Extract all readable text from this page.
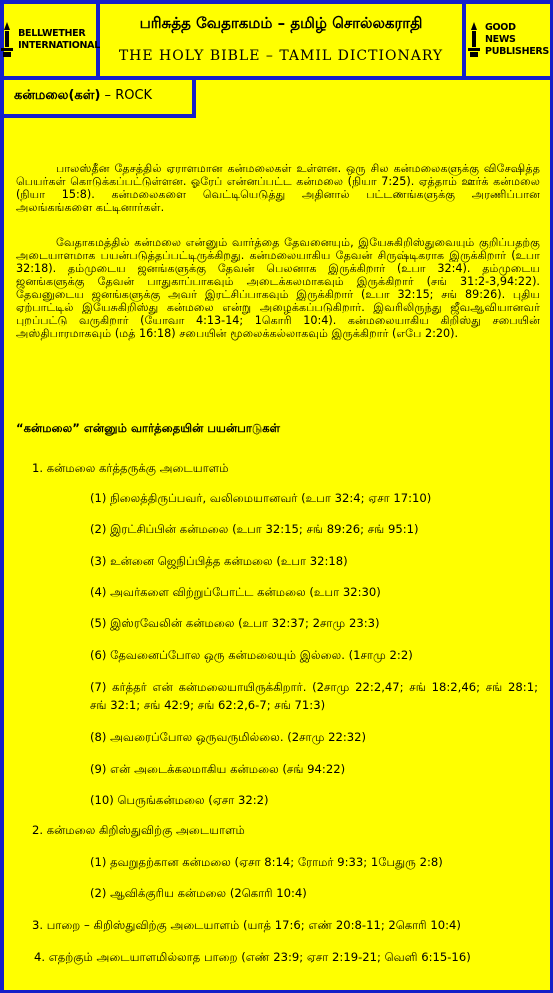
BELLWETHER
INTERNATIONAL
பரிசுத்த வேதாகமம் – தமிழ் சொல்லகராதி
THE HOLY BIBLE – TAMIL DICTIONARY
GOOD NEWS
PUBLISHERS
கன்மலை(கள்) – ROCK
பாலஸ்தீன தேசத்தில் ஏராளமான கன்மலைகள் உள்ளன. ஒரு சில கன்மலைகளுக்கு விசேஷித்த பெயர்கள் கொடுக்கப்பட்டுள்ளன. ஓரேப் என்னப்பட்ட கன்மலை (நியா 7:25). ஏத்தாம் ஊர்க் கன்மலை (நியா 15:8). கன்மலைகளை வெட்டியெடுத்து அதினால் பட்டணங்களுக்கு அரணிப்பான அலங்கங்களை கட்டினார்கள்.
வேதாகமத்தில் கன்மலை என்னும் வார்த்தை தேவனையும், இயேசுகிறிஸ்துவையும் குறிப்பதற்கு அடையாளமாக பயன்படுத்தப்பட்டிருக்கிறது. கன்மலையாகிய தேவன் சிருஷ்டிகராக இருக்கிறார் (உபா 32:18). தம்முடைய ஜனங்களுக்கு தேவன் பெலனாக இருக்கிறார் (உபா 32:4). தம்முடைய ஜனங்களுக்கு தேவன் பாதுகாப்பாகவும் அடைக்கலமாகவும் இருக்கிறார் (சங் 31:2-3,94:22). தேவனுடைய ஜனங்களுக்கு அவர் இரட்சிப்பாகவும் இருக்கிறார் (உபா 32:15; சங் 89:26). புதிய ஏற்பாட்டில் இயேசுகிறிஸ்து கன்மலை என்று அழைக்கப்படுகிறார். இவரிலிருந்து ஜீவஆவியானவர் புறப்பட்டு வருகிறார் (யோவா 4:13-14; 1கொரி 10:4). கன்மலையாகிய கிறிஸ்து சபையின் அஸ்திபாரமாகவும் (மத் 16:18) சபையின் மூலைக்கல்லாகவும் இருக்கிறார் (எபே 2:20).
“கன்மலை” என்னும் வார்த்தையின் பயன்பாடுகள்
1. கன்மலை கர்த்தருக்கு அடையாளம்
(1) நிலைத்திருப்பவர், வலிமையானவர் (உபா 32:4; ஏசா 17:10)
(2) இரட்சிப்பின் கன்மலை (உபா 32:15; சங் 89:26; சங் 95:1)
(3) உன்னை ஜெநிப்பித்த கன்மலை (உபா 32:18)
(4) அவர்களை விற்றுப்போட்ட கன்மலை (உபா 32:30)
(5) இஸ்ரவேலின் கன்மலை (உபா 32:37; 2சாமு 23:3)
(6) தேவனைப்போல ஒரு கன்மலையும் இல்லை. (1சாமு 2:2)
(7) கர்த்தர் என் கன்மலையாயிருக்கிறார். (2சாமு 22:2,47; சங் 18:2,46; சங் 28:1; சங் 32:1; சங் 42:9; சங் 62:2,6-7; சங் 71:3)
(8) அவரைப்போல ஒருவருமில்லை. (2சாமு 22:32)
(9) என் அடைக்கலமாகிய கன்மலை (சங் 94:22)
(10) பெருங்கன்மலை (ஏசா 32:2)
2. கன்மலை கிறிஸ்துவிற்கு அடையாளம்
(1) தவறுதற்கான கன்மலை (ஏசா 8:14; ரோமர் 9:33; 1பேதுரு 2:8)
(2) ஆவிக்குரிய கன்மலை (2கொரி 10:4)
3. பாறை – கிறிஸ்துவிற்கு அடையாளம் (யாத் 17:6; எண் 20:8-11; 2கொரி 10:4)
4. எதற்கும் அடையாளமில்லாத பாறை (எண் 23:9; ஏசா 2:19-21; வெளி 6:15-16)
